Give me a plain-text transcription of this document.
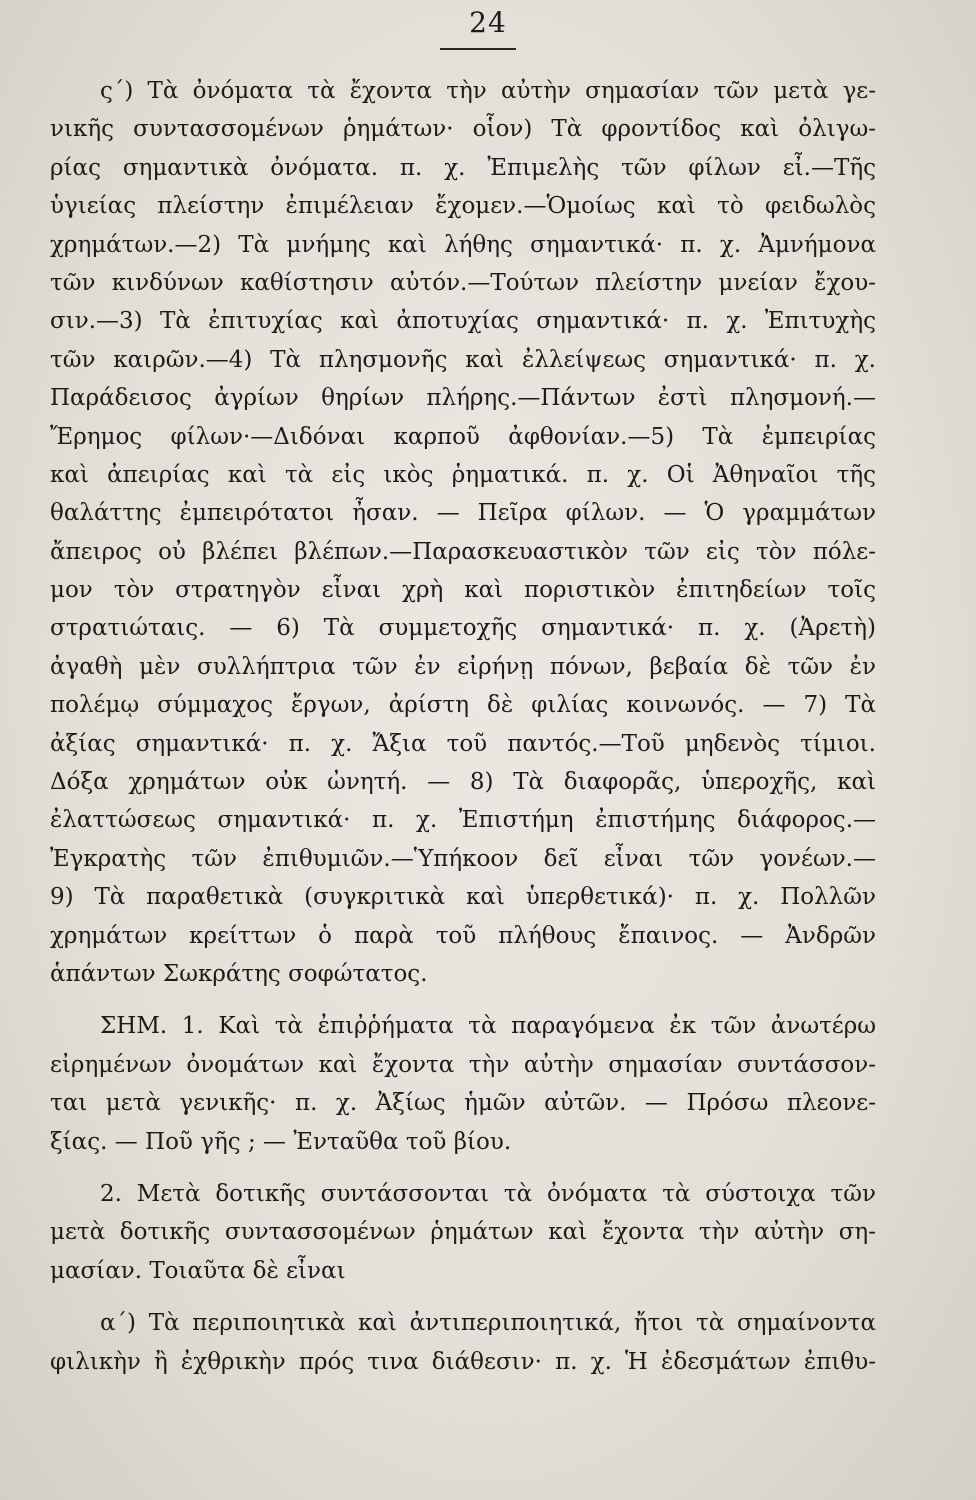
24
ς΄) Τὰ ὀνόματα τὰ ἔχοντα τὴν αὐτὴν σημασίαν τῶν μετὰ γε-
νικῆς συντασσομένων ῥημάτων· οἷον) Τὰ φροντίδος καὶ ὀλιγω-
ρίας σημαντικὰ ὀνόματα. π. χ. Ἐπιμελὴς τῶν φίλων εἶ.—Τῆς
ὑγιείας πλείστην ἐπιμέλειαν ἔχομεν.—Ὁμοίως καὶ τὸ φειδωλὸς
χρημάτων.—2) Τὰ μνήμης καὶ λήθης σημαντικά· π. χ. Ἀμνήμονα
τῶν κινδύνων καθίστησιν αὐτόν.—Τούτων πλείστην μνείαν ἔχου-
σιν.—3) Τὰ ἐπιτυχίας καὶ ἀποτυχίας σημαντικά· π. χ. Ἐπιτυχὴς
τῶν καιρῶν.—4) Τὰ πλησμονῆς καὶ ἐλλείψεως σημαντικά· π. χ.
Παράδεισος ἀγρίων θηρίων πλήρης.—Πάντων ἐστὶ πλησμονή.—
Ἔρημος φίλων·—Διδόναι καρποῦ ἀφθονίαν.—5) Τὰ ἐμπειρίας
καὶ ἀπειρίας καὶ τὰ εἰς ικὸς ῥηματικά. π. χ. Οἱ Ἀθηναῖοι τῆς
θαλάττης ἐμπειρότατοι ἦσαν. — Πεῖρα φίλων. — Ὁ γραμμάτων
ἄπειρος οὐ βλέπει βλέπων.—Παρασκευαστικὸν τῶν εἰς τὸν πόλε-
μον τὸν στρατηγὸν εἶναι χρὴ καὶ ποριστικὸν ἐπιτηδείων τοῖς
στρατιώταις. — 6) Τὰ συμμετοχῆς σημαντικά· π. χ. (Ἀρετὴ)
ἀγαθὴ μὲν συλλήπτρια τῶν ἐν εἰρήνῃ πόνων, βεβαία δὲ τῶν ἐν
πολέμῳ σύμμαχος ἔργων, ἀρίστη δὲ φιλίας κοινωνός. — 7) Τὰ
ἀξίας σημαντικά· π. χ. Ἄξια τοῦ παντός.—Τοῦ μηδενὸς τίμιοι.
Δόξα χρημάτων οὐκ ὠνητή. — 8) Τὰ διαφορᾶς, ὑπεροχῆς, καὶ
ἐλαττώσεως σημαντικά· π. χ. Ἐπιστήμη ἐπιστήμης διάφορος.—
Ἐγκρατὴς τῶν ἐπιθυμιῶν.—Ὑπήκοον δεῖ εἶναι τῶν γονέων.—
9) Τὰ παραθετικὰ (συγκριτικὰ καὶ ὑπερθετικά)· π. χ. Πολλῶν
χρημάτων κρείττων ὁ παρὰ τοῦ πλήθους ἔπαινος. — Ἀνδρῶν
ἁπάντων Σωκράτης σοφώτατος.
ΣΗΜ. 1. Καὶ τὰ ἐπιῤῥήματα τὰ παραγόμενα ἐκ τῶν ἀνωτέρω
εἰρημένων ὀνομάτων καὶ ἔχοντα τὴν αὐτὴν σημασίαν συντάσσον-
ται μετὰ γενικῆς· π. χ. Ἀξίως ἡμῶν αὐτῶν. — Πρόσω πλεονε-
ξίας. — Ποῦ γῆς ; — Ἐνταῦθα τοῦ βίου.
2. Μετὰ δοτικῆς συντάσσονται τὰ ὀνόματα τὰ σύστοιχα τῶν
μετὰ δοτικῆς συντασσομένων ῥημάτων καὶ ἔχοντα τὴν αὐτὴν ση-
μασίαν. Τοιαῦτα δὲ εἶναι
α΄) Τὰ περιποιητικὰ καὶ ἀντιπεριποιητικά, ἤτοι τὰ σημαίνοντα
φιλικὴν ἢ ἐχθρικὴν πρός τινα διάθεσιν· π. χ. Ἡ ἐδεσμάτων ἐπιθυ-
